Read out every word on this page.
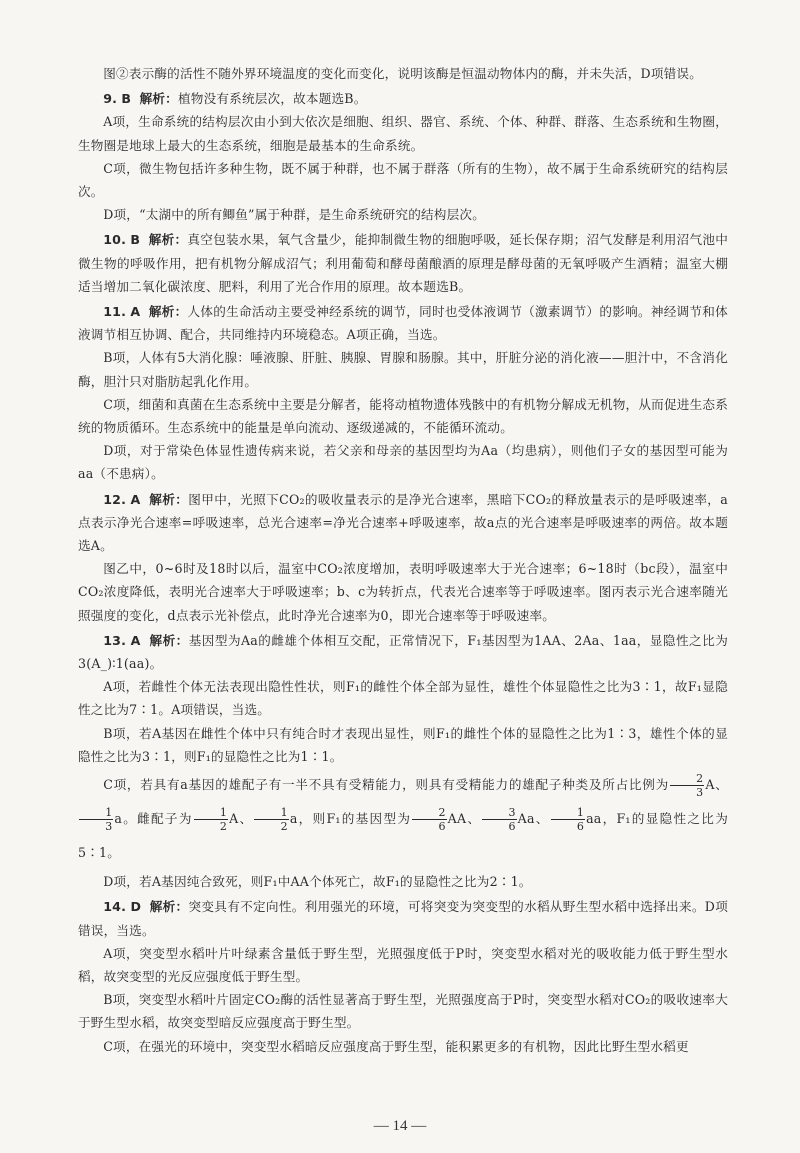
图②表示酶的活性不随外界环境温度的变化而变化，说明该酶是恒温动物体内的酶，并未失活，D项错误。

9. B 解析：植物没有系统层次，故本题选B。

A项，生命系统的结构层次由小到大依次是细胞、组织、器官、系统、个体、种群、群落、生态系统和生物圈，生物圈是地球上最大的生态系统，细胞是最基本的生命系统。

C项，微生物包括许多种生物，既不属于种群，也不属于群落（所有的生物），故不属于生命系统研究的结构层次。

D项，“太湖中的所有鲫鱼”属于种群，是生命系统研究的结构层次。

10. B 解析：真空包装水果，氧气含量少，能抑制微生物的细胞呼吸，延长保存期；沼气发酵是利用沼气池中微生物的呼吸作用，把有机物分解成沼气；利用葡萄和酵母菌酿酒的原理是酵母菌的无氧呼吸产生酒精；温室大棚适当增加二氧化碳浓度、肥料，利用了光合作用的原理。故本题选B。

11. A 解析：人体的生命活动主要受神经系统的调节，同时也受体液调节（激素调节）的影响。神经调节和体液调节相互协调、配合，共同维持内环境稳态。A项正确，当选。

B项，人体有5大消化腺：唾液腺、肝脏、胰腺、胃腺和肠腺。其中，肝脏分泌的消化液——胆汁中，不含消化酶，胆汁只对脂肪起乳化作用。

C项，细菌和真菌在生态系统中主要是分解者，能将动植物遗体残骸中的有机物分解成无机物，从而促进生态系统的物质循环。生态系统中的能量是单向流动、逐级递减的，不能循环流动。

D项，对于常染色体显性遗传病来说，若父亲和母亲的基因型均为Aa（均患病），则他们子女的基因型可能为aa（不患病）。

12. A 解析：图甲中，光照下CO₂的吸收量表示的是净光合速率，黑暗下CO₂的释放量表示的是呼吸速率，a点表示净光合速率=呼吸速率，总光合速率=净光合速率+呼吸速率，故a点的光合速率是呼吸速率的两倍。故本题选A。

图乙中，0~6时及18时以后，温室中CO₂浓度增加，表明呼吸速率大于光合速率；6~18时（bc段），温室中CO₂浓度降低，表明光合速率大于呼吸速率；b、c为转折点，代表光合速率等于呼吸速率。图丙表示光合速率随光照强度的变化，d点表示光补偿点，此时净光合速率为0，即光合速率等于呼吸速率。

13. A 解析：基因型为Aa的雌雄个体相互交配，正常情况下，F₁基因型为1AA、2Aa、1aa，显隐性之比为3(A_)∶1(aa)。

A项，若雌性个体无法表现出隐性性状，则F₁的雌性个体全部为显性，雄性个体显隐性之比为3∶1，故F₁显隐性之比为7∶1。A项错误，当选。

B项，若A基因在雌性个体中只有纯合时才表现出显性，则F₁的雌性个体的显隐性之比为1∶3，雄性个体的显隐性之比为3∶1，则F₁的显隐性之比为1∶1。

C项，若具有a基因的雄配子有一半不具有受精能力，则具有受精能力的雄配子种类及所占比例为 $\frac{2}{3}$ A、
$\frac{1}{3}$ a。雌配子为 $\frac{1}{2}$ A、 $\frac{1}{2}$ a，则F₁的基因型为 $\frac{2}{6}$ AA、 $\frac{3}{6}$ Aa、 $\frac{1}{6}$ aa，F₁的显隐性之比为5∶1。

D项，若A基因纯合致死，则F₁中AA个体死亡，故F₁的显隐性之比为2∶1。

14. D 解析：突变具有不定向性。利用强光的环境，可将突变为突变型的水稻从野生型水稻中选择出来。D项错误，当选。

A项，突变型水稻叶片叶绿素含量低于野生型，光照强度低于P时，突变型水稻对光的吸收能力低于野生型水稻，故突变型的光反应强度低于野生型。

B项，突变型水稻叶片固定CO₂酶的活性显著高于野生型，光照强度高于P时，突变型水稻对CO₂的吸收速率大于野生型水稻，故突变型暗反应强度高于野生型。

C项，在强光的环境中，突变型水稻暗反应强度高于野生型，能积累更多的有机物，因此比野生型水稻更

— 14 —
